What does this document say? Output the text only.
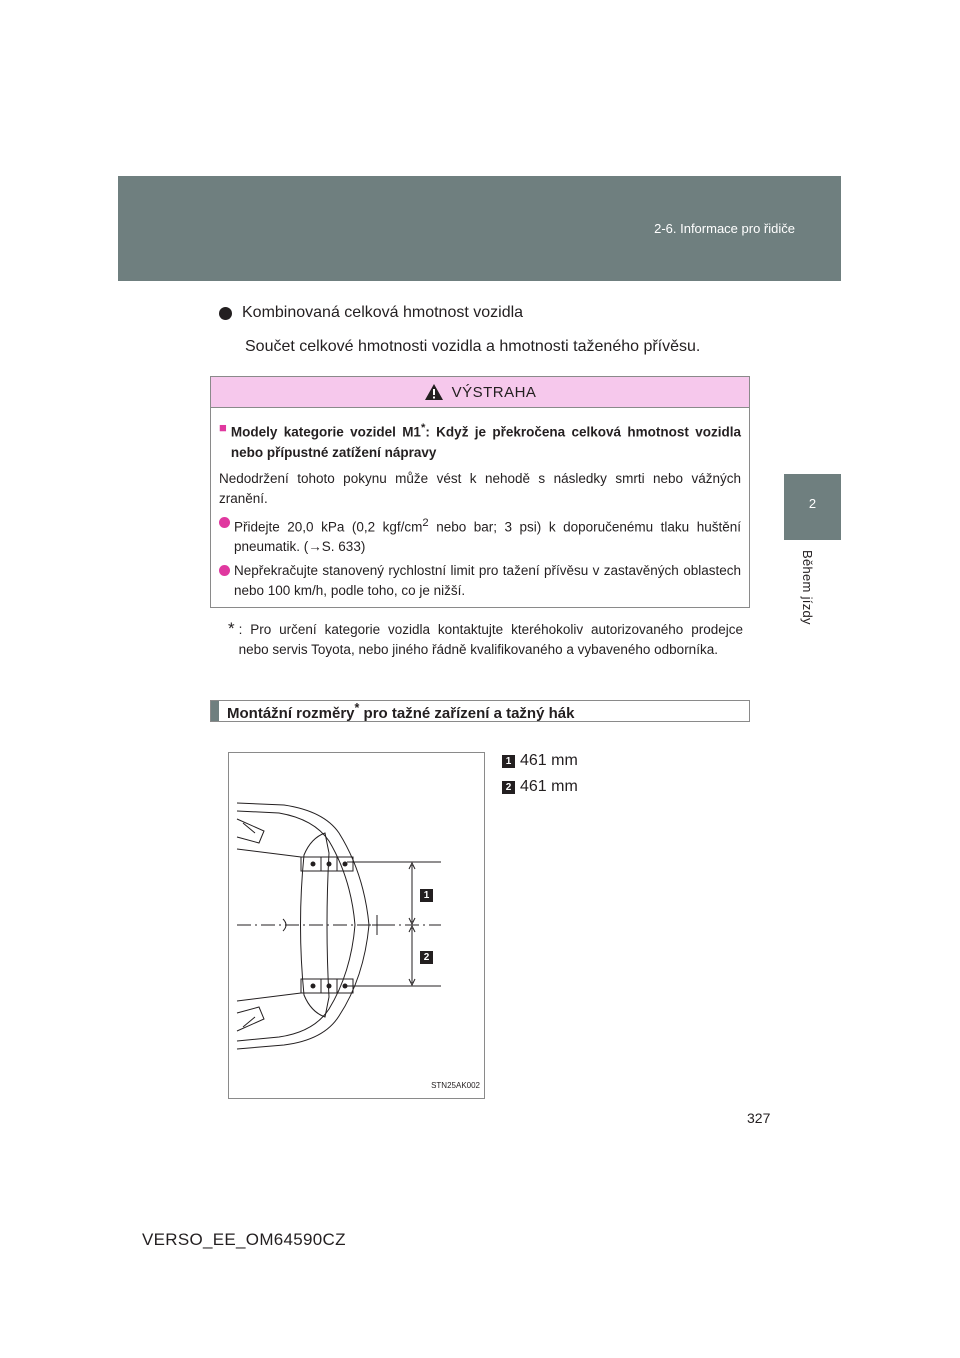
2-6. Informace pro řidiče
2
Během jízdy
Kombinovaná celková hmotnost vozidla
Součet celkové hmotnosti vozidla a hmotnosti taženého přívěsu.
VÝSTRAHA
■ Modely kategorie vozidel M1*: Když je překročena celková hmotnost vozidla nebo přípustné zatížení nápravy
Nedodržení tohoto pokynu může vést k nehodě s následky smrti nebo vážných zranění.
Přidejte 20,0 kPa (0,2 kgf/$cm^2$ nebo bar; 3 psi) k doporučenému tlaku huštění pneumatik. (→S. 633)
Nepřekračujte stanovený rychlostní limit pro tažení přívěsu v zastavěných oblastech nebo 100 km/h, podle toho, co je nižší.
* : Pro určení kategorie vozidla kontaktujte kteréhokoliv autorizovaného prodejce nebo servis Toyota, nebo jiného řádně kvalifikovaného a vybaveného odborníka.
Montážní rozměry* pro tažné zařízení a tažný hák
1
2
STN25AK002
1 461 mm
2 461 mm
327
VERSO_EE_OM64590CZ
